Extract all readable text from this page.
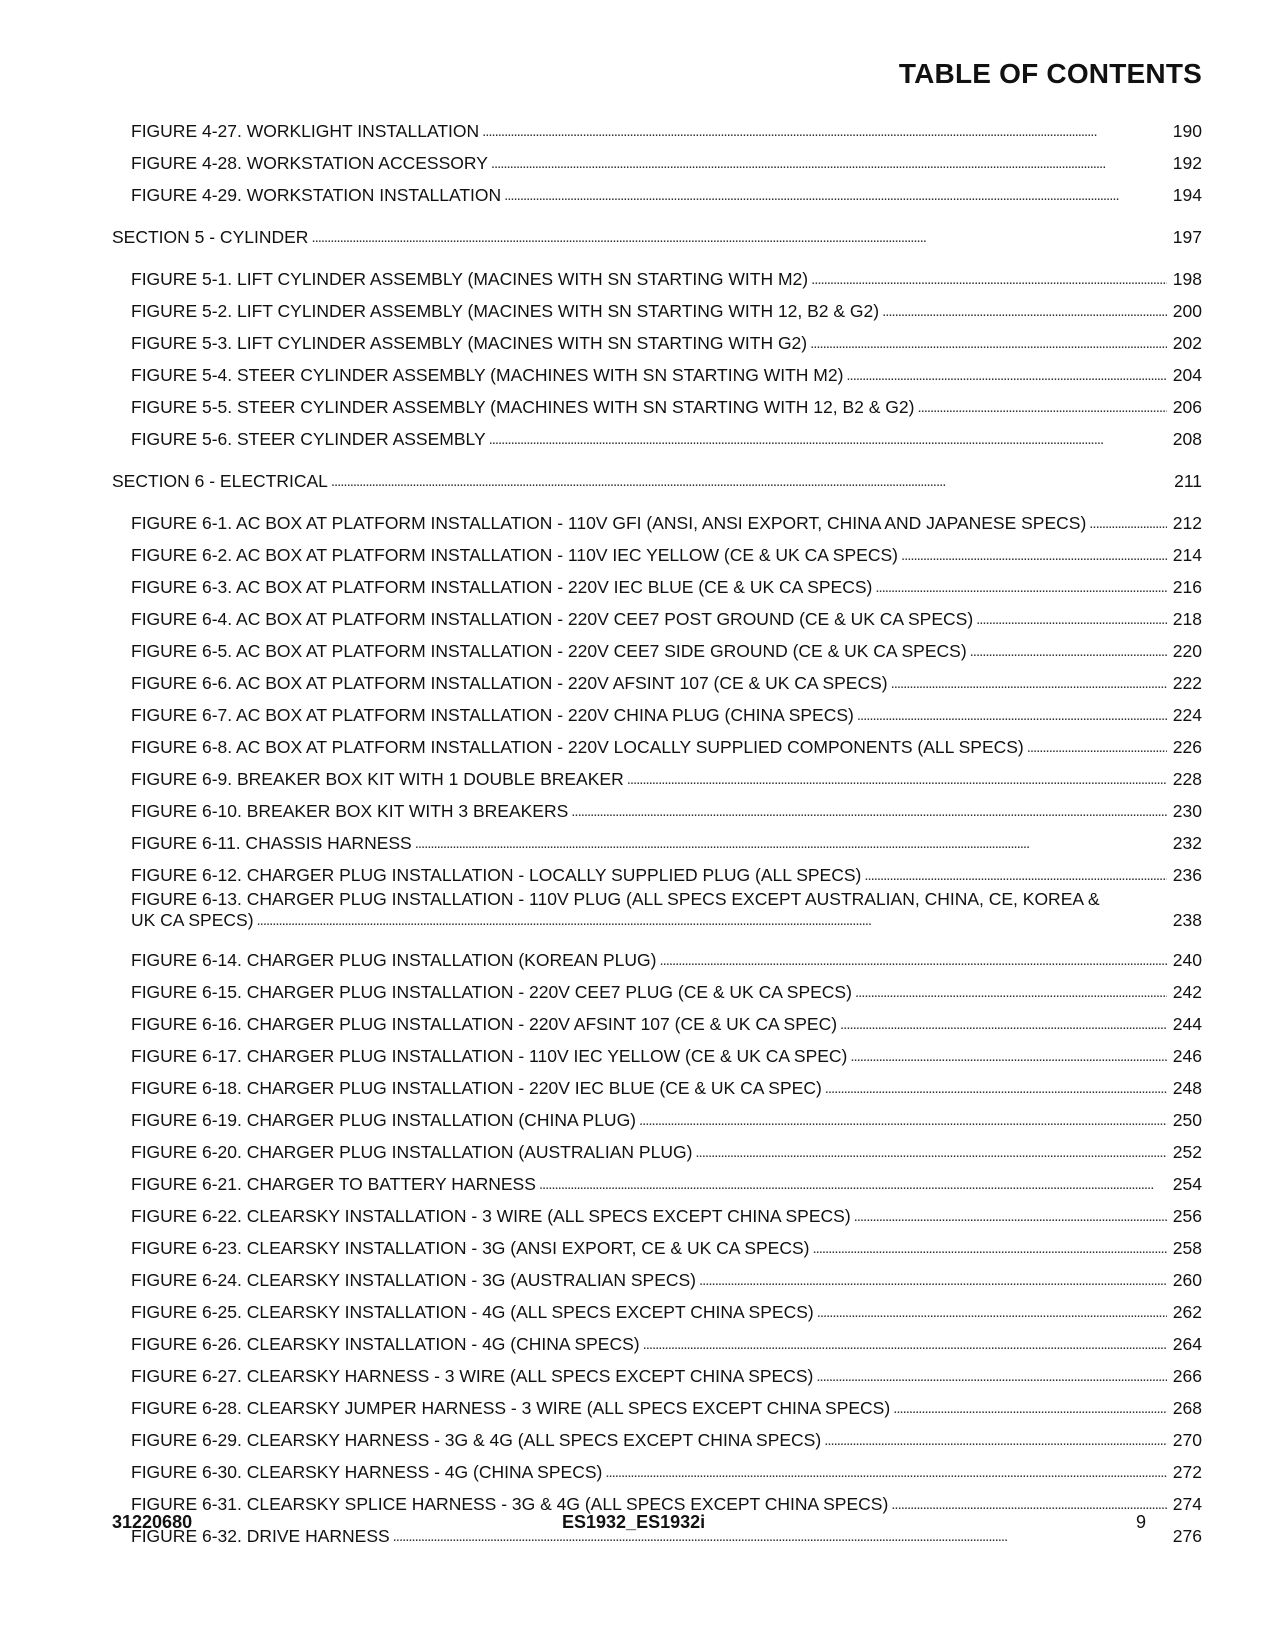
TABLE OF CONTENTS
FIGURE 4-27. WORKLIGHT INSTALLATION . . .	190
FIGURE 4-28. WORKSTATION ACCESSORY . . .	192
FIGURE 4-29. WORKSTATION INSTALLATION . . .	194
SECTION 5 - CYLINDER . . .	197
FIGURE 5-1. LIFT CYLINDER ASSEMBLY (MACINES WITH SN STARTING WITH M2) . . .	198
FIGURE 5-2. LIFT CYLINDER ASSEMBLY (MACINES WITH SN STARTING WITH 12, B2 & G2) . . .	200
FIGURE 5-3. LIFT CYLINDER ASSEMBLY (MACINES WITH SN STARTING WITH G2) . . .	202
FIGURE 5-4. STEER CYLINDER ASSEMBLY (MACHINES WITH SN STARTING WITH M2) . . .	204
FIGURE 5-5. STEER CYLINDER ASSEMBLY (MACHINES WITH SN STARTING WITH 12, B2 & G2) . . .	206
FIGURE 5-6. STEER CYLINDER ASSEMBLY . . .	208
SECTION 6 - ELECTRICAL . . .	211
FIGURE 6-1. AC BOX AT PLATFORM INSTALLATION - 110V GFI (ANSI, ANSI EXPORT, CHINA AND JAPANESE SPECS) . . .	212
FIGURE 6-2. AC BOX AT PLATFORM INSTALLATION - 110V IEC YELLOW (CE & UK CA SPECS) . . .	214
FIGURE 6-3. AC BOX AT PLATFORM INSTALLATION - 220V IEC BLUE (CE & UK CA SPECS) . . .	216
FIGURE 6-4. AC BOX AT PLATFORM INSTALLATION - 220V CEE7 POST GROUND (CE & UK CA SPECS) . . .	218
FIGURE 6-5. AC BOX AT PLATFORM INSTALLATION - 220V CEE7 SIDE GROUND (CE & UK CA SPECS) . . .	220
FIGURE 6-6. AC BOX AT PLATFORM INSTALLATION - 220V AFSINT 107 (CE & UK CA SPECS) . . .	222
FIGURE 6-7. AC BOX AT PLATFORM INSTALLATION - 220V CHINA PLUG (CHINA SPECS) . . .	224
FIGURE 6-8. AC BOX AT PLATFORM INSTALLATION - 220V LOCALLY SUPPLIED COMPONENTS (ALL SPECS) . . .	226
FIGURE 6-9. BREAKER BOX KIT WITH 1 DOUBLE BREAKER . . .	228
FIGURE 6-10. BREAKER BOX KIT WITH 3 BREAKERS . . .	230
FIGURE 6-11. CHASSIS HARNESS . . .	232
FIGURE 6-12. CHARGER PLUG INSTALLATION - LOCALLY SUPPLIED PLUG (ALL SPECS) . . .	236
FIGURE 6-13. CHARGER PLUG INSTALLATION - 110V PLUG (ALL SPECS EXCEPT AUSTRALIAN, CHINA, CE, KOREA &
UK CA SPECS) . . .	238
FIGURE 6-14. CHARGER PLUG INSTALLATION (KOREAN PLUG) . . .	240
FIGURE 6-15. CHARGER PLUG INSTALLATION - 220V CEE7 PLUG (CE & UK CA SPECS) . . .	242
FIGURE 6-16. CHARGER PLUG INSTALLATION - 220V AFSINT 107 (CE & UK CA SPEC) . . .	244
FIGURE 6-17. CHARGER PLUG INSTALLATION - 110V IEC YELLOW (CE & UK CA SPEC) . . .	246
FIGURE 6-18. CHARGER PLUG INSTALLATION - 220V IEC BLUE (CE & UK CA SPEC) . . .	248
FIGURE 6-19. CHARGER PLUG INSTALLATION (CHINA PLUG) . . .	250
FIGURE 6-20. CHARGER PLUG INSTALLATION (AUSTRALIAN PLUG) . . .	252
FIGURE 6-21. CHARGER TO BATTERY HARNESS . . .	254
FIGURE 6-22. CLEARSKY INSTALLATION - 3 WIRE (ALL SPECS EXCEPT CHINA SPECS) . . .	256
FIGURE 6-23. CLEARSKY INSTALLATION - 3G (ANSI EXPORT, CE & UK CA SPECS) . . .	258
FIGURE 6-24. CLEARSKY INSTALLATION - 3G (AUSTRALIAN SPECS) . . .	260
FIGURE 6-25. CLEARSKY INSTALLATION - 4G (ALL SPECS EXCEPT CHINA SPECS) . . .	262
FIGURE 6-26. CLEARSKY INSTALLATION - 4G (CHINA SPECS) . . .	264
FIGURE 6-27. CLEARSKY HARNESS - 3 WIRE (ALL SPECS EXCEPT CHINA SPECS) . . .	266
FIGURE 6-28. CLEARSKY JUMPER HARNESS - 3 WIRE (ALL SPECS EXCEPT CHINA SPECS) . . .	268
FIGURE 6-29. CLEARSKY HARNESS - 3G & 4G (ALL SPECS EXCEPT CHINA SPECS) . . .	270
FIGURE 6-30. CLEARSKY HARNESS - 4G (CHINA SPECS) . . .	272
FIGURE 6-31. CLEARSKY SPLICE HARNESS - 3G & 4G (ALL SPECS EXCEPT CHINA SPECS) . . .	274
FIGURE 6-32. DRIVE HARNESS . . .	276
31220680	ES1932_ES1932i	9
